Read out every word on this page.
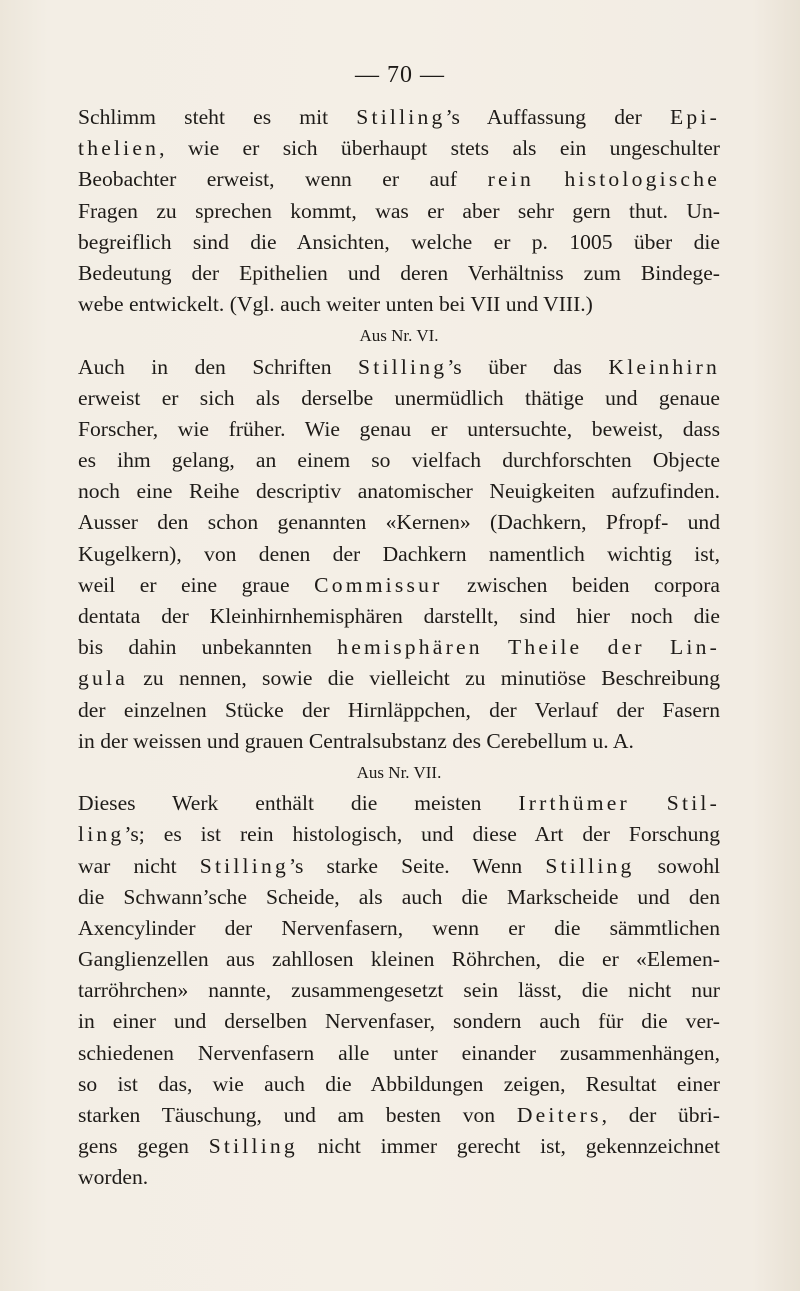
— 70 —
Schlimm steht es mit Stilling’s Auffassung der Epi-
thelien, wie er sich überhaupt stets als ein ungeschulter
Beobachter erweist, wenn er auf rein histologische
Fragen zu sprechen kommt, was er aber sehr gern thut. Un-
begreiflich sind die Ansichten, welche er p. 1005 über die
Bedeutung der Epithelien und deren Verhältniss zum Bindege-
webe entwickelt. (Vgl. auch weiter unten bei VII und VIII.)
Aus Nr. VI.
Auch in den Schriften Stilling’s über das Kleinhirn
erweist er sich als derselbe unermüdlich thätige und genaue
Forscher, wie früher. Wie genau er untersuchte, beweist, dass
es ihm gelang, an einem so vielfach durchforschten Objecte
noch eine Reihe descriptiv anatomischer Neuigkeiten aufzufinden.
Ausser den schon genannten «Kernen» (Dachkern, Pfropf- und
Kugelkern), von denen der Dachkern namentlich wichtig ist,
weil er eine graue Commissur zwischen beiden corpora
dentata der Kleinhirnhemisphären darstellt, sind hier noch die
bis dahin unbekannten hemisphären Theile der Lin-
gula zu nennen, sowie die vielleicht zu minutiöse Beschreibung
der einzelnen Stücke der Hirnläppchen, der Verlauf der Fasern
in der weissen und grauen Centralsubstanz des Cerebellum u. A.
Aus Nr. VII.
Dieses Werk enthält die meisten Irrthümer Stil-
ling’s; es ist rein histologisch, und diese Art der Forschung
war nicht Stilling’s starke Seite. Wenn Stilling sowohl
die Schwann’sche Scheide, als auch die Markscheide und den
Axencylinder der Nervenfasern, wenn er die sämmtlichen
Ganglienzellen aus zahllosen kleinen Röhrchen, die er «Elemen-
tarröhrchen» nannte, zusammengesetzt sein lässt, die nicht nur
in einer und derselben Nervenfaser, sondern auch für die ver-
schiedenen Nervenfasern alle unter einander zusammenhängen,
so ist das, wie auch die Abbildungen zeigen, Resultat einer
starken Täuschung, und am besten von Deiters, der übri-
gens gegen Stilling nicht immer gerecht ist, gekennzeichnet
worden.
